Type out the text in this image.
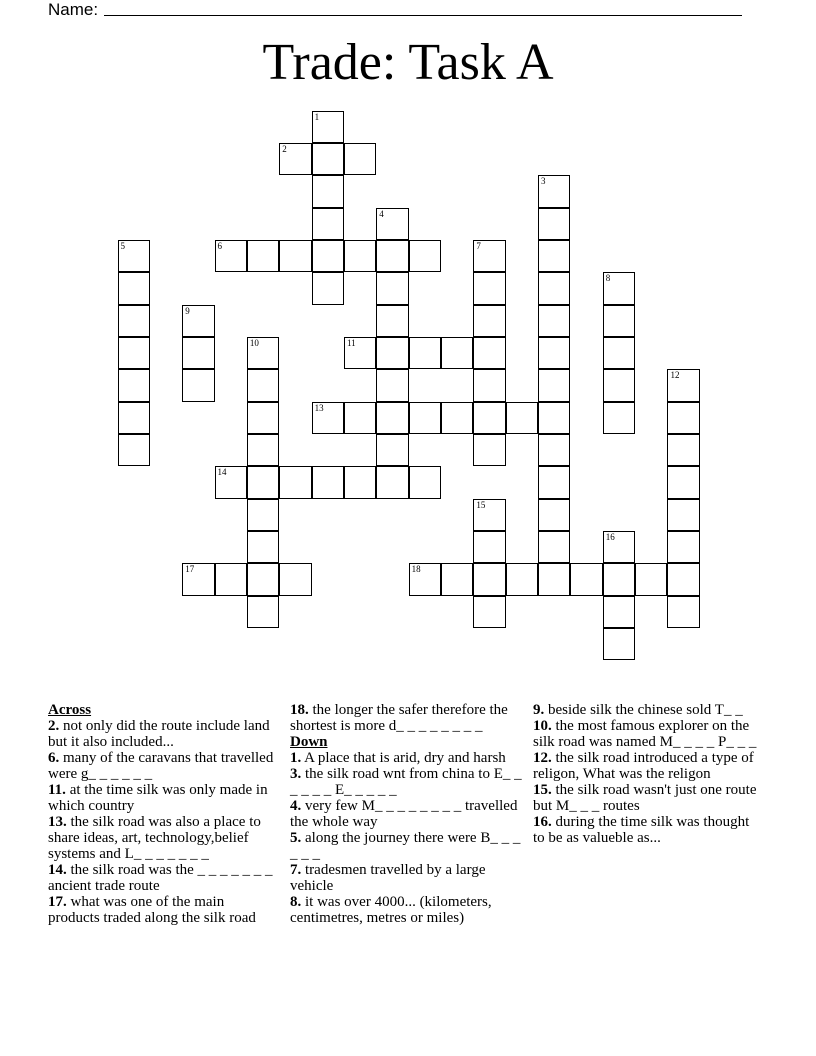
Name:
Trade: Task A
1
2
3
4
5	6	7
8
9
10	11
12
13
14
15
16
17	18
Across
2. not only did the route include land but it also included...
6. many of the caravans that travelled were g_ _ _ _ _ _
11. at the time silk was only made in which country
13. the silk road was also a place to share ideas, art, technology,belief systems and L_ _ _ _ _ _ _
14. the silk road was the _ _ _ _ _ _ _ ancient trade route
17. what was one of the main products traded along the silk road
18. the longer the safer therefore the shortest is more d_ _ _ _ _ _ _ _
Down
1. A place that is arid, dry and harsh
3. the silk road wnt from china to E_ _ _ _ _ _ E_ _ _ _ _
4. very few M_ _ _ _ _ _ _ _ travelled the whole way
5. along the journey there were B_ _ _ _ _ _
7. tradesmen travelled by a large vehicle
8. it was over 4000... (kilometers, centimetres, metres or miles)
9. beside silk the chinese sold T_ _
10. the most famous explorer on the silk road was named M_ _ _ _ P_ _ _
12. the silk road introduced a type of religon, What was the religon
15. the silk road wasn't just one route but M_ _ _ routes
16. during the time silk was thought to be as valueble as...
